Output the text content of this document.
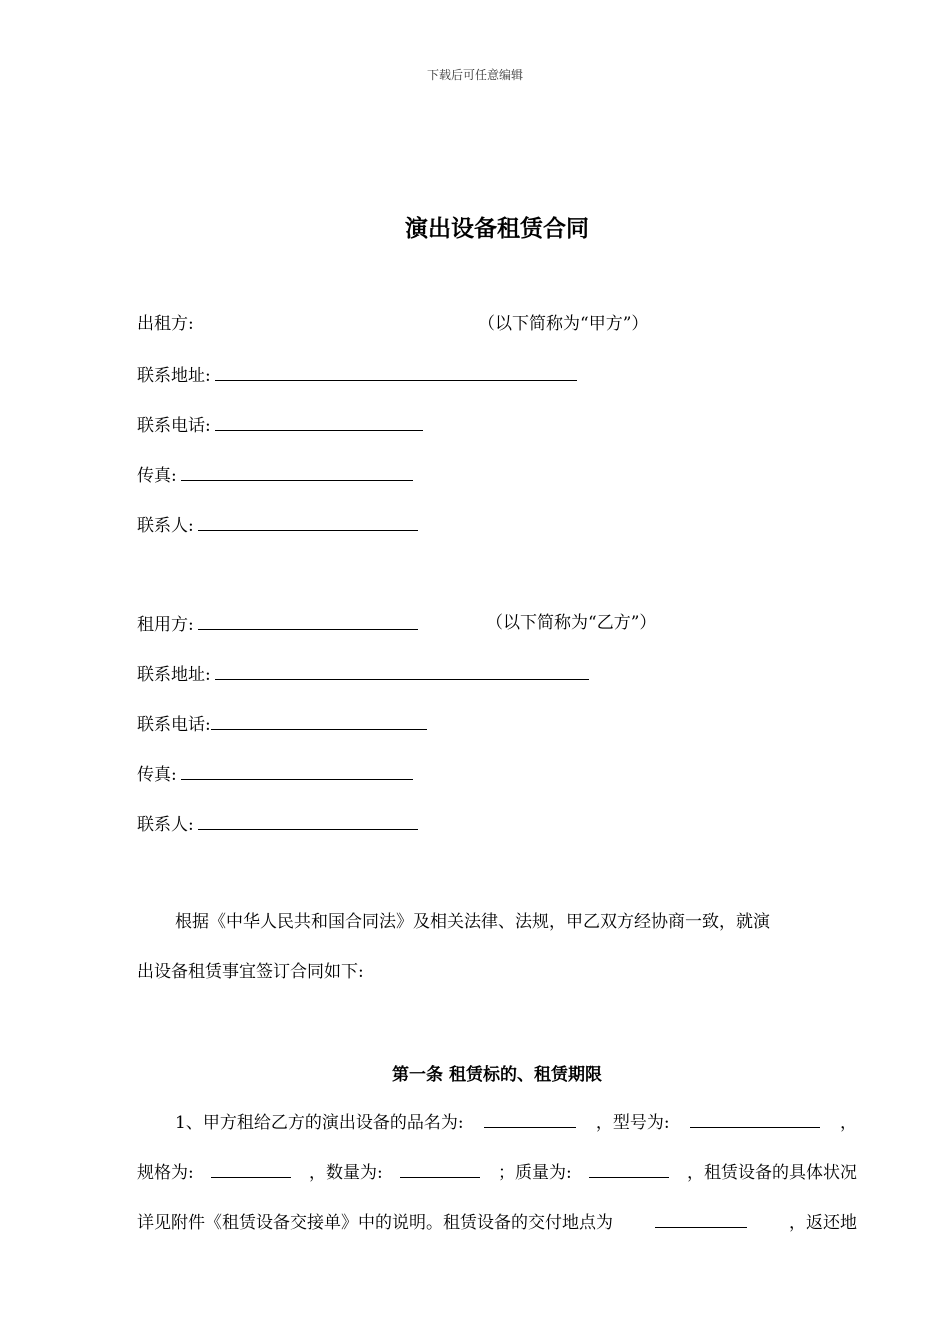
下载后可任意编辑
演出设备租赁合同
出租方:	（以下简称为“甲方”）
联系地址:
联系电话:
传真:
联系人:
租用方:	（以下简称为“乙方”）
联系地址:
联系电话:
传真:
联系人:
根据《中华人民共和国合同法》及相关法律、法规，甲乙双方经协商一致，就演
出设备租赁事宜签订合同如下:
第一条 租赁标的、租赁期限
1、甲方租给乙方的演出设备的品名为:	，型号为:	，
规格为:	，数量为:	；质量为:	，租赁设备的具体状况
详见附件《租赁设备交接单》中的说明。租赁设备的交付地点为	，返还地
